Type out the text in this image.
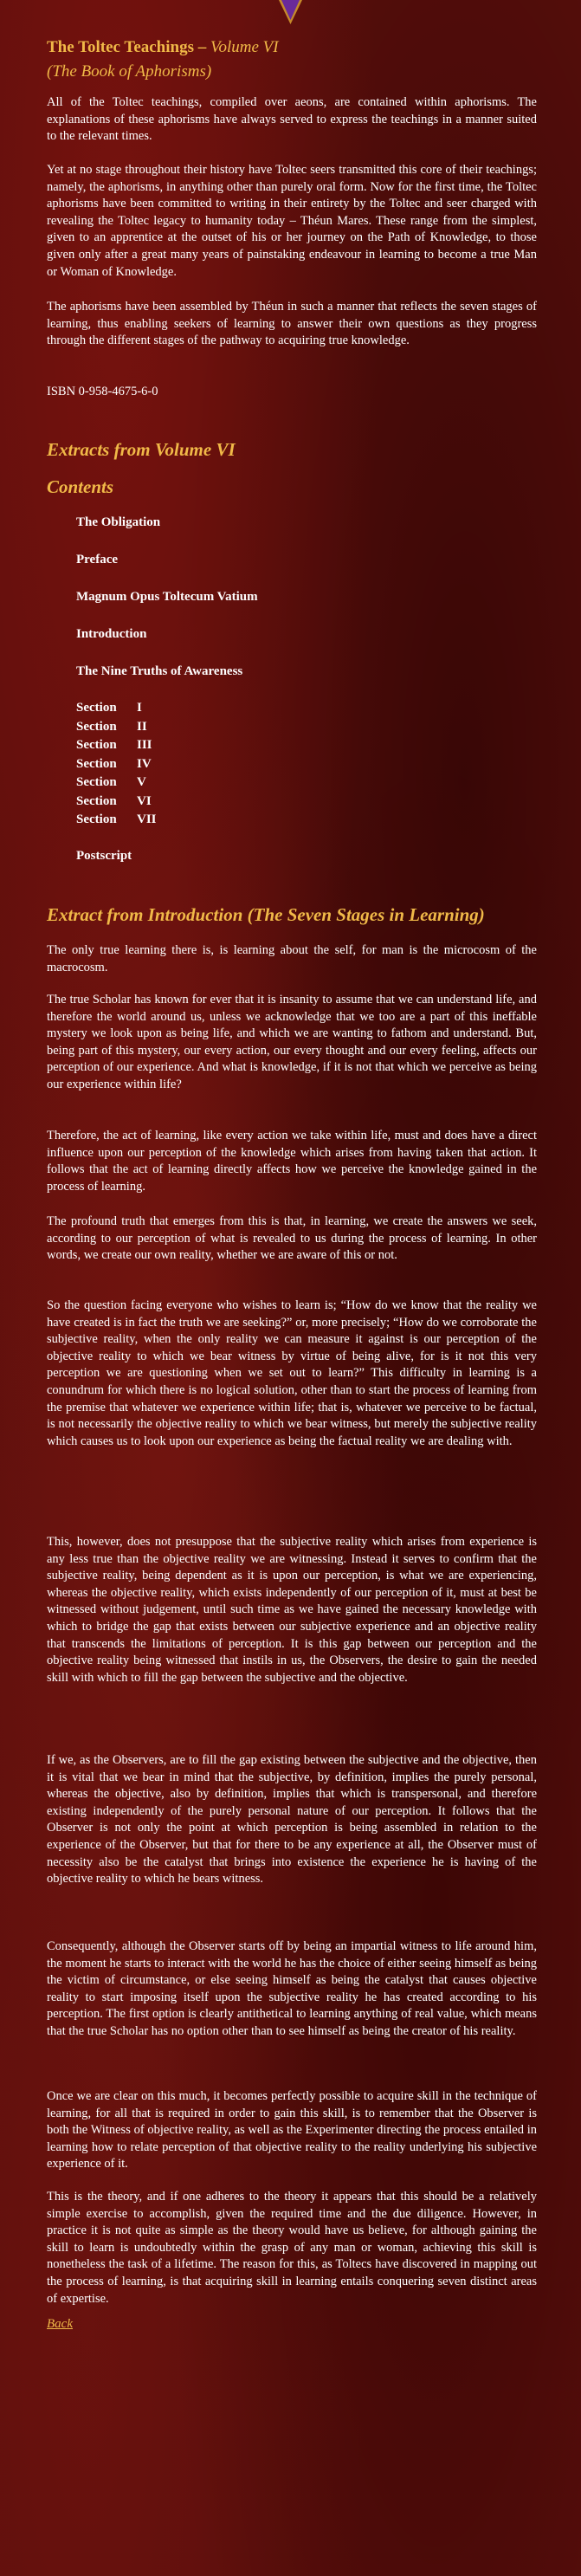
The Toltec Teachings – Volume VI
(The Book of Aphorisms)

All of the Toltec teachings, compiled over aeons, are contained within aphorisms. The explanations of these aphorisms have always served to express the teachings in a manner suited to the relevant times.

Yet at no stage throughout their history have Toltec seers transmitted this core of their teachings; namely, the aphorisms, in anything other than purely oral form. Now for the first time, the Toltec aphorisms have been committed to writing in their entirety by the Toltec and seer charged with revealing the Toltec legacy to humanity today – Théun Mares. These range from the simplest, given to an apprentice at the outset of his or her journey on the Path of Knowledge, to those given only after a great many years of painstaking endeavour in learning to become a true Man or Woman of Knowledge.

The aphorisms have been assembled by Théun in such a manner that reflects the seven stages of learning, thus enabling seekers of learning to answer their own questions as they progress through the different stages of the pathway to acquiring true knowledge.

ISBN 0-958-4675-6-0

Extracts from Volume VI
Contents
The Obligation
Preface
Magnum Opus Toltecum Vatium
Introduction
The Nine Truths of Awareness
Section I
Section II
Section III
Section IV
Section V
Section VI
Section VII
Postscript
Extract from Introduction (The Seven Stages in Learning)

The only true learning there is, is learning about the self, for man is the microcosm of the macrocosm.

The true Scholar has known for ever that it is insanity to assume that we can understand life, and therefore the world around us, unless we acknowledge that we too are a part of this ineffable mystery we look upon as being life, and which we are wanting to fathom and understand. But, being part of this mystery, our every action, our every thought and our every feeling, affects our perception of our experience. And what is knowledge, if it is not that which we perceive as being our experience within life?

Therefore, the act of learning, like every action we take within life, must and does have a direct influence upon our perception of the knowledge which arises from having taken that action. It follows that the act of learning directly affects how we perceive the knowledge gained in the process of learning.

The profound truth that emerges from this is that, in learning, we create the answers we seek, according to our perception of what is revealed to us during the process of learning. In other words, we create our own reality, whether we are aware of this or not.

So the question facing everyone who wishes to learn is; “How do we know that the reality we have created is in fact the truth we are seeking?” or, more precisely; “How do we corroborate the subjective reality, when the only reality we can measure it against is our perception of the objective reality to which we bear witness by virtue of being alive, for is it not this very perception we are questioning when we set out to learn?” This difficulty in learning is a conundrum for which there is no logical solution, other than to start the process of learning from the premise that whatever we experience within life; that is, whatever we perceive to be factual, is not necessarily the objective reality to which we bear witness, but merely the subjective reality which causes us to look upon our experience as being the factual reality we are dealing with.

This, however, does not presuppose that the subjective reality which arises from experience is any less true than the objective reality we are witnessing. Instead it serves to confirm that the subjective reality, being dependent as it is upon our perception, is what we are experiencing, whereas the objective reality, which exists independently of our perception of it, must at best be witnessed without judgement, until such time as we have gained the necessary knowledge with which to bridge the gap that exists between our subjective experience and an objective reality that transcends the limitations of perception. It is this gap between our perception and the objective reality being witnessed that instils in us, the Observers, the desire to gain the needed skill with which to fill the gap between the subjective and the objective.

If we, as the Observers, are to fill the gap existing between the subjective and the objective, then it is vital that we bear in mind that the subjective, by definition, implies the purely personal, whereas the objective, also by definition, implies that which is transpersonal, and therefore existing independently of the purely personal nature of our perception. It follows that the Observer is not only the point at which perception is being assembled in relation to the experience of the Observer, but that for there to be any experience at all, the Observer must of necessity also be the catalyst that brings into existence the experience he is having of the objective reality to which he bears witness.

Consequently, although the Observer starts off by being an impartial witness to life around him, the moment he starts to interact with the world he has the choice of either seeing himself as being the victim of circumstance, or else seeing himself as being the catalyst that causes objective reality to start imposing itself upon the subjective reality he has created according to his perception. The first option is clearly antithetical to learning anything of real value, which means that the true Scholar has no option other than to see himself as being the creator of his reality.

Once we are clear on this much, it becomes perfectly possible to acquire skill in the technique of learning, for all that is required in order to gain this skill, is to remember that the Observer is both the Witness of objective reality, as well as the Experimenter directing the process entailed in learning how to relate perception of that objective reality to the reality underlying his subjective experience of it.

This is the theory, and if one adheres to the theory it appears that this should be a relatively simple exercise to accomplish, given the required time and the due diligence. However, in practice it is not quite as simple as the theory would have us believe, for although gaining the skill to learn is undoubtedly within the grasp of any man or woman, achieving this skill is nonetheless the task of a lifetime. The reason for this, as Toltecs have discovered in mapping out the process of learning, is that acquiring skill in learning entails conquering seven distinct areas of expertise.

Back
